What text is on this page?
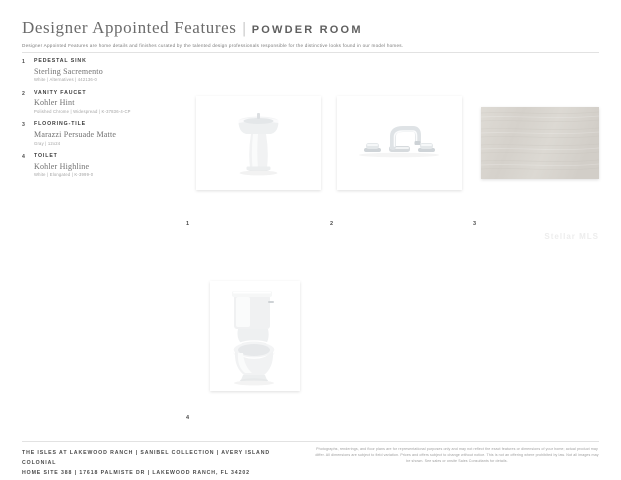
Designer Appointed Features | POWDER ROOM
Designer Appointed Features are home details and finishes curated by the talented design professionals responsible for the distinctive looks found in our model homes.
1 PEDESTAL SINK
Sterling Sacremento
White | Alternatives | 442136-0
2 VANITY FAUCET
Kohler Hint
Polished Chrome | Widespread | K-37836-4-CP
3 FLOORING-TILE
Marazzi Persuade Matte
Gray | 12x24
4 TOILET
Kohler Highline
White | Elongated | K-3999-0
1	2	3
4
Stellar MLS
THE ISLES AT LAKEWOOD RANCH | SANIBEL COLLECTION | AVERY ISLAND COLONIAL
HOME SITE 388 | 17618 PALMISTE DR | LAKEWOOD RANCH, FL 34202
Photographs, renderings, and floor plans are for representational purposes only and may not reflect the exact features or dimensions of your home; actual product may differ. All dimensions are subject to field variation. Prices and offers subject to change without notice. This is not an offering where prohibited by law. Not all images may be shown. See sales or onsite Sales Consultants for details.
